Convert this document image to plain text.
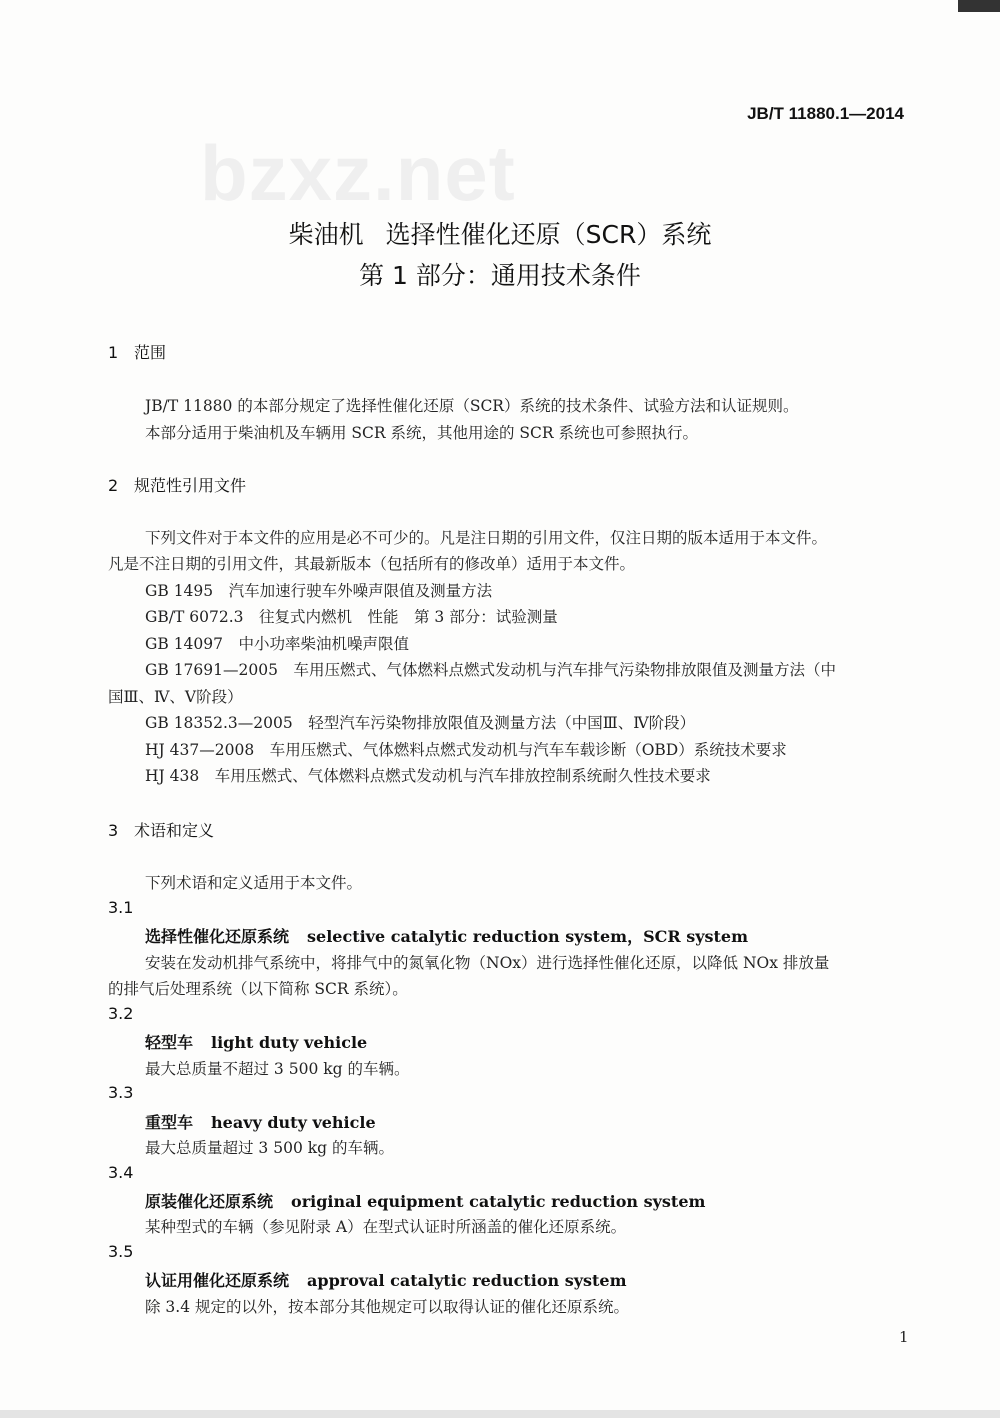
bzxz.net
JB/T 11880.1—2014
柴油机 选择性催化还原（SCR）系统
第 1 部分：通用技术条件
1 范围
JB/T 11880 的本部分规定了选择性催化还原（SCR）系统的技术条件、试验方法和认证规则。
本部分适用于柴油机及车辆用 SCR 系统，其他用途的 SCR 系统也可参照执行。
2 规范性引用文件
下列文件对于本文件的应用是必不可少的。凡是注日期的引用文件，仅注日期的版本适用于本文件。
凡是不注日期的引用文件，其最新版本（包括所有的修改单）适用于本文件。
GB 1495　汽车加速行驶车外噪声限值及测量方法
GB/T 6072.3　往复式内燃机　性能　第 3 部分：试验测量
GB 14097　中小功率柴油机噪声限值
GB 17691—2005　车用压燃式、气体燃料点燃式发动机与汽车排气污染物排放限值及测量方法（中
国Ⅲ、Ⅳ、Ⅴ阶段）
GB 18352.3—2005　轻型汽车污染物排放限值及测量方法（中国Ⅲ、Ⅳ阶段）
HJ 437—2008　车用压燃式、气体燃料点燃式发动机与汽车车载诊断（OBD）系统技术要求
HJ 438　车用压燃式、气体燃料点燃式发动机与汽车排放控制系统耐久性技术要求
3 术语和定义
下列术语和定义适用于本文件。
3.1
选择性催化还原系统 selective catalytic reduction system，SCR system
安装在发动机排气系统中，将排气中的氮氧化物（NOx）进行选择性催化还原，以降低 NOx 排放量
的排气后处理系统（以下简称 SCR 系统）。
3.2
轻型车 light duty vehicle
最大总质量不超过 3 500 kg 的车辆。
3.3
重型车 heavy duty vehicle
最大总质量超过 3 500 kg 的车辆。
3.4
原装催化还原系统 original equipment catalytic reduction system
某种型式的车辆（参见附录 A）在型式认证时所涵盖的催化还原系统。
3.5
认证用催化还原系统 approval catalytic reduction system
除 3.4 规定的以外，按本部分其他规定可以取得认证的催化还原系统。
1
